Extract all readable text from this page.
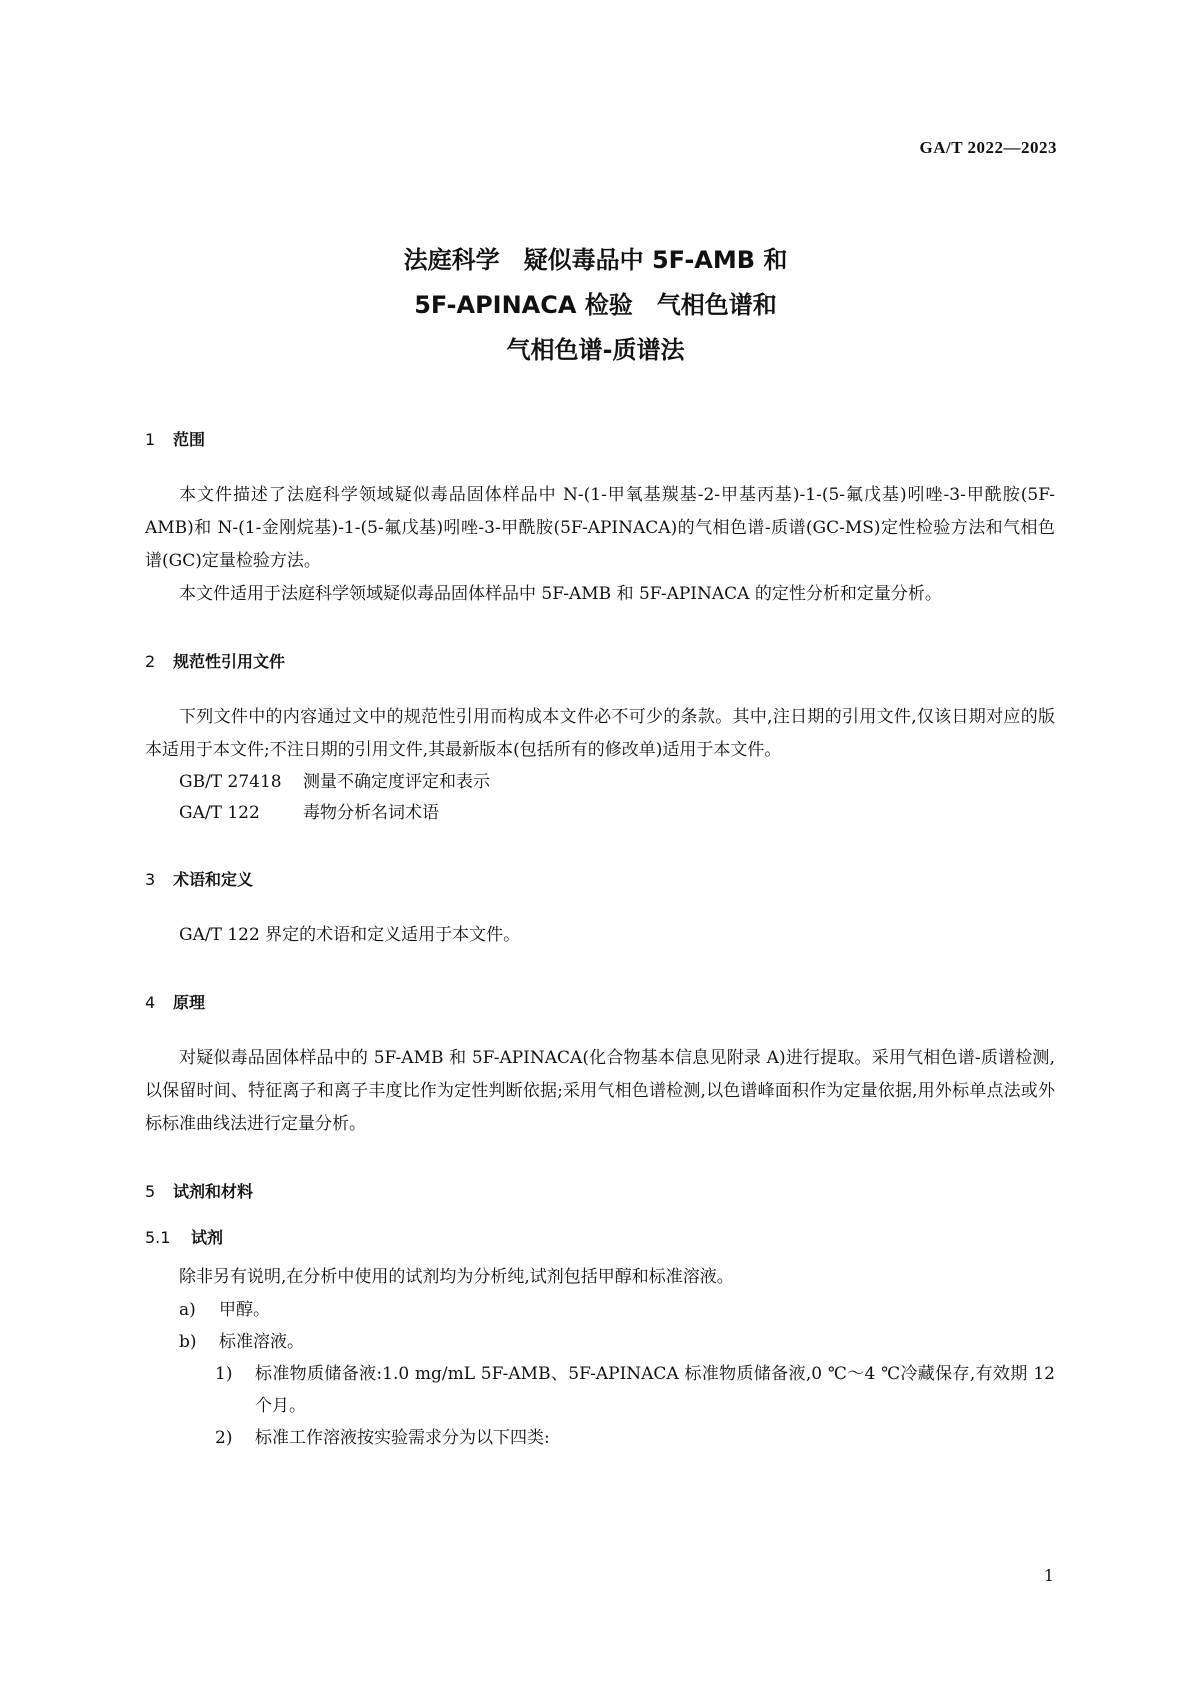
GA/T 2022—2023
法庭科学　疑似毒品中 5F-AMB 和
5F-APINACA 检验　气相色谱和
气相色谱-质谱法
1 范围

本文件描述了法庭科学领域疑似毒品固体样品中 N-(1-甲氧基羰基-2-甲基丙基)-1-(5-氟戊基)吲唑-3-甲酰胺(5F-AMB)和 N-(1-金刚烷基)-1-(5-氟戊基)吲唑-3-甲酰胺(5F-APINACA)的气相色谱-质谱(GC-MS)定性检验方法和气相色谱(GC)定量检验方法。

本文件适用于法庭科学领域疑似毒品固体样品中 5F-AMB 和 5F-APINACA 的定性分析和定量分析。

2 规范性引用文件

下列文件中的内容通过文中的规范性引用而构成本文件必不可少的条款。其中,注日期的引用文件,仅该日期对应的版本适用于本文件;不注日期的引用文件,其最新版本(包括所有的修改单)适用于本文件。

GB/T 27418 测量不确定度评定和表示
GA/T 122	毒物分析名词术语
3 术语和定义

GA/T 122 界定的术语和定义适用于本文件。

4 原理

对疑似毒品固体样品中的 5F-AMB 和 5F-APINACA(化合物基本信息见附录 A)进行提取。采用气相色谱-质谱检测,以保留时间、特征离子和离子丰度比作为定性判断依据;采用气相色谱检测,以色谱峰面积作为定量依据,用外标单点法或外标标准曲线法进行定量分析。

5 试剂和材料
5.1 试剂

除非另有说明,在分析中使用的试剂均为分析纯,试剂包括甲醇和标准溶液。

a) 甲醇。
b) 标准溶液。
1)	标准物质储备液:1.0 mg/mL 5F-AMB、5F-APINACA 标准物质储备液,0 ℃～4 ℃冷藏保存,有效期 12 个月。
2)	标准工作溶液按实验需求分为以下四类:
1
